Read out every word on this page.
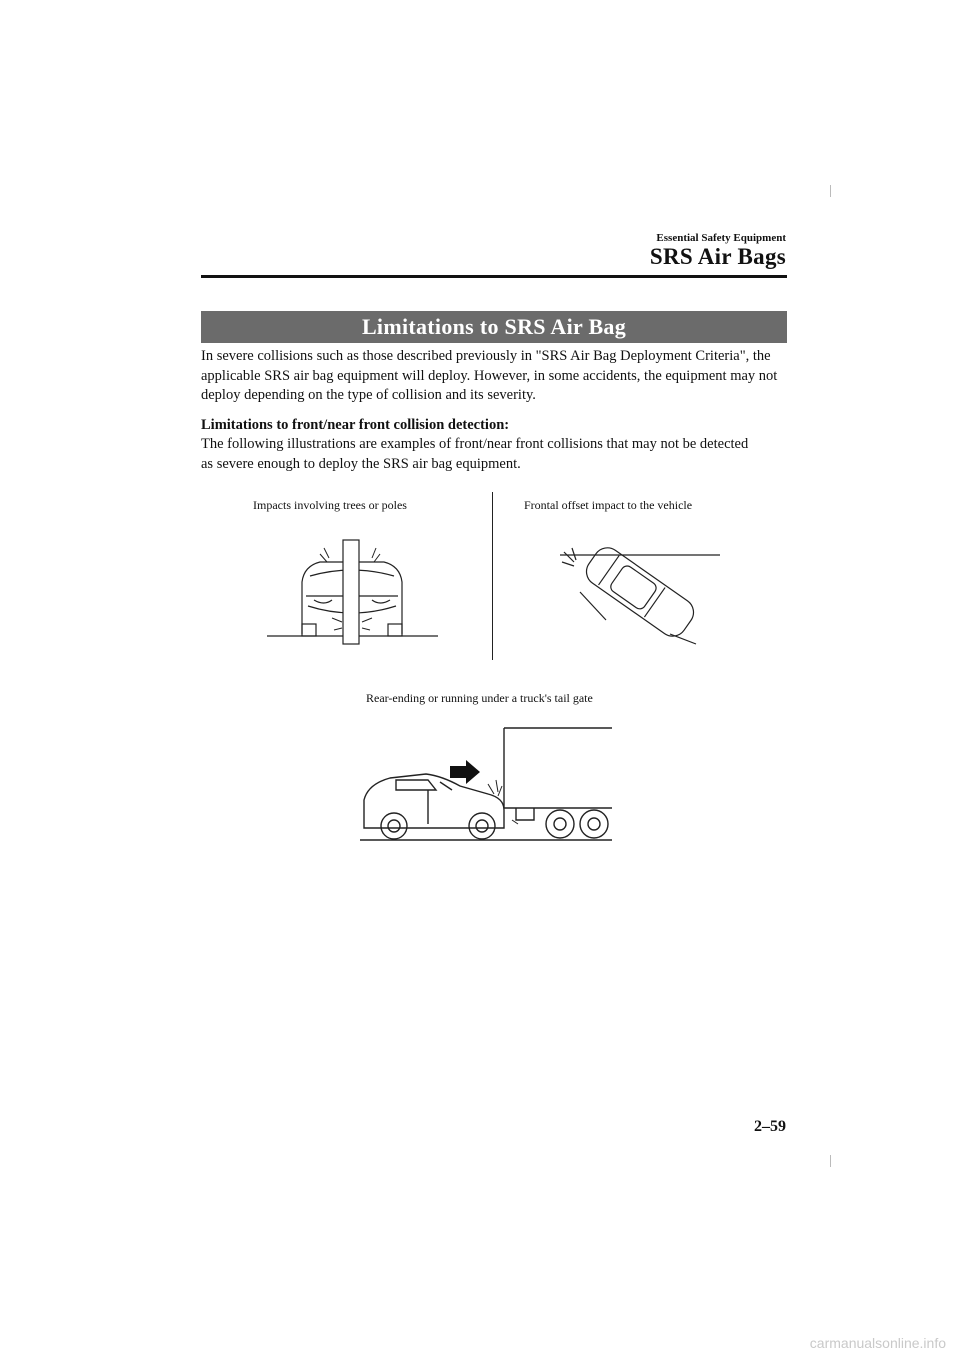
Essential Safety Equipment
SRS Air Bags
Limitations to SRS Air Bag
In severe collisions such as those described previously in "SRS Air Bag Deployment Criteria", the applicable SRS air bag equipment will deploy. However, in some accidents, the equipment may not deploy depending on the type of collision and its severity.
Limitations to front/near front collision detection:
The following illustrations are examples of front/near front collisions that may not be detected as severe enough to deploy the SRS air bag equipment.
Impacts involving trees or poles	Frontal offset impact to the vehicle
Rear-ending or running under a truck's tail gate
2–59
carmanualsonline.info
